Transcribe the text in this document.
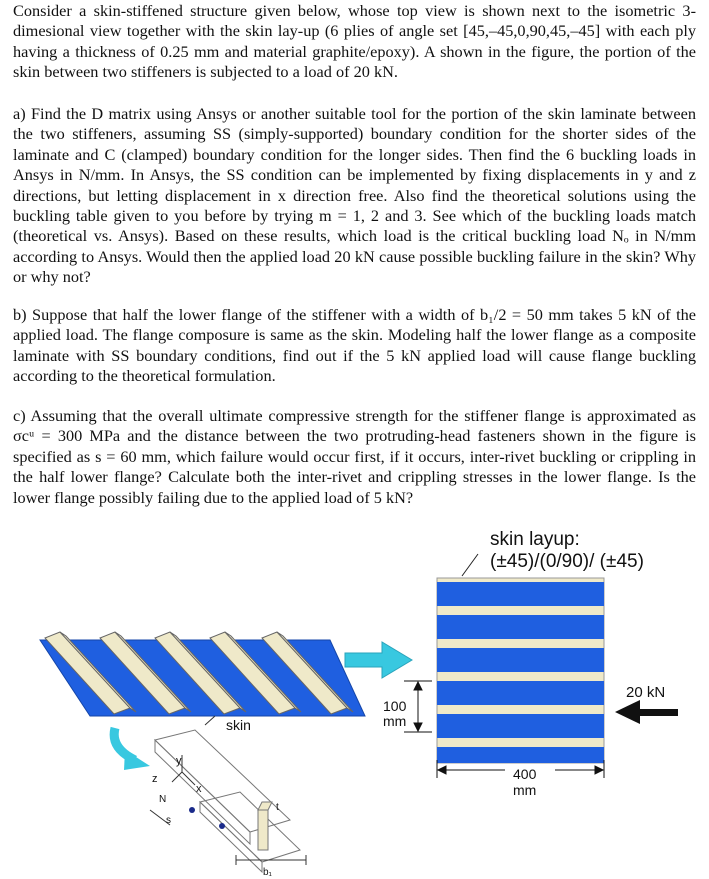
Consider a skin-stiffened structure given below, whose top view is shown next to the isometric 3-dimesional view together with the skin lay-up (6 plies of angle set [45,–45,0,90,45,–45] with each ply having a thickness of 0.25 mm and material graphite/epoxy). A shown in the figure, the portion of the skin between two stiffeners is subjected to a load of 20 kN.

a) Find the D matrix using Ansys or another suitable tool for the portion of the skin laminate between the two stiffeners, assuming SS (simply-supported) boundary condition for the shorter sides of the laminate and C (clamped) boundary condition for the longer sides. Then find the 6 buckling loads in Ansys in N/mm. In Ansys, the SS condition can be implemented by fixing displacements in y and z directions, but letting displacement in x direction free. Also find the theoretical solutions using the buckling table given to you before by trying m = 1, 2 and 3. See which of the buckling loads match (theoretical vs. Ansys). Based on these results, which load is the critical buckling load Nₒ in N/mm according to Ansys. Would then the applied load 20 kN cause possible buckling failure in the skin? Why or why not?

b) Suppose that half the lower flange of the stiffener with a width of b₁/2 = 50 mm takes 5 kN of the applied load. The flange composure is same as the skin. Modeling half the lower flange as a composite laminate with SS boundary conditions, find out if the 5 kN applied load will cause flange buckling according to the theoretical formulation.

c) Assuming that the overall ultimate compressive strength for the stiffener flange is approximated as σcᵘ = 300 MPa and the distance between the two protruding-head fasteners shown in the figure is specified as s = 60 mm, which failure would occur first, if it occurs, inter-rivet buckling or crippling in the half lower flange? Calculate both the inter-rivet and crippling stresses in the lower flange. Is the lower flange possibly failing due to the applied load of 5 kN?

skin
skin layup:
(±45)/(0/90)/ (±45)
20 kN
100
mm
400
mm
y
x
z
N
s
t
b₁
